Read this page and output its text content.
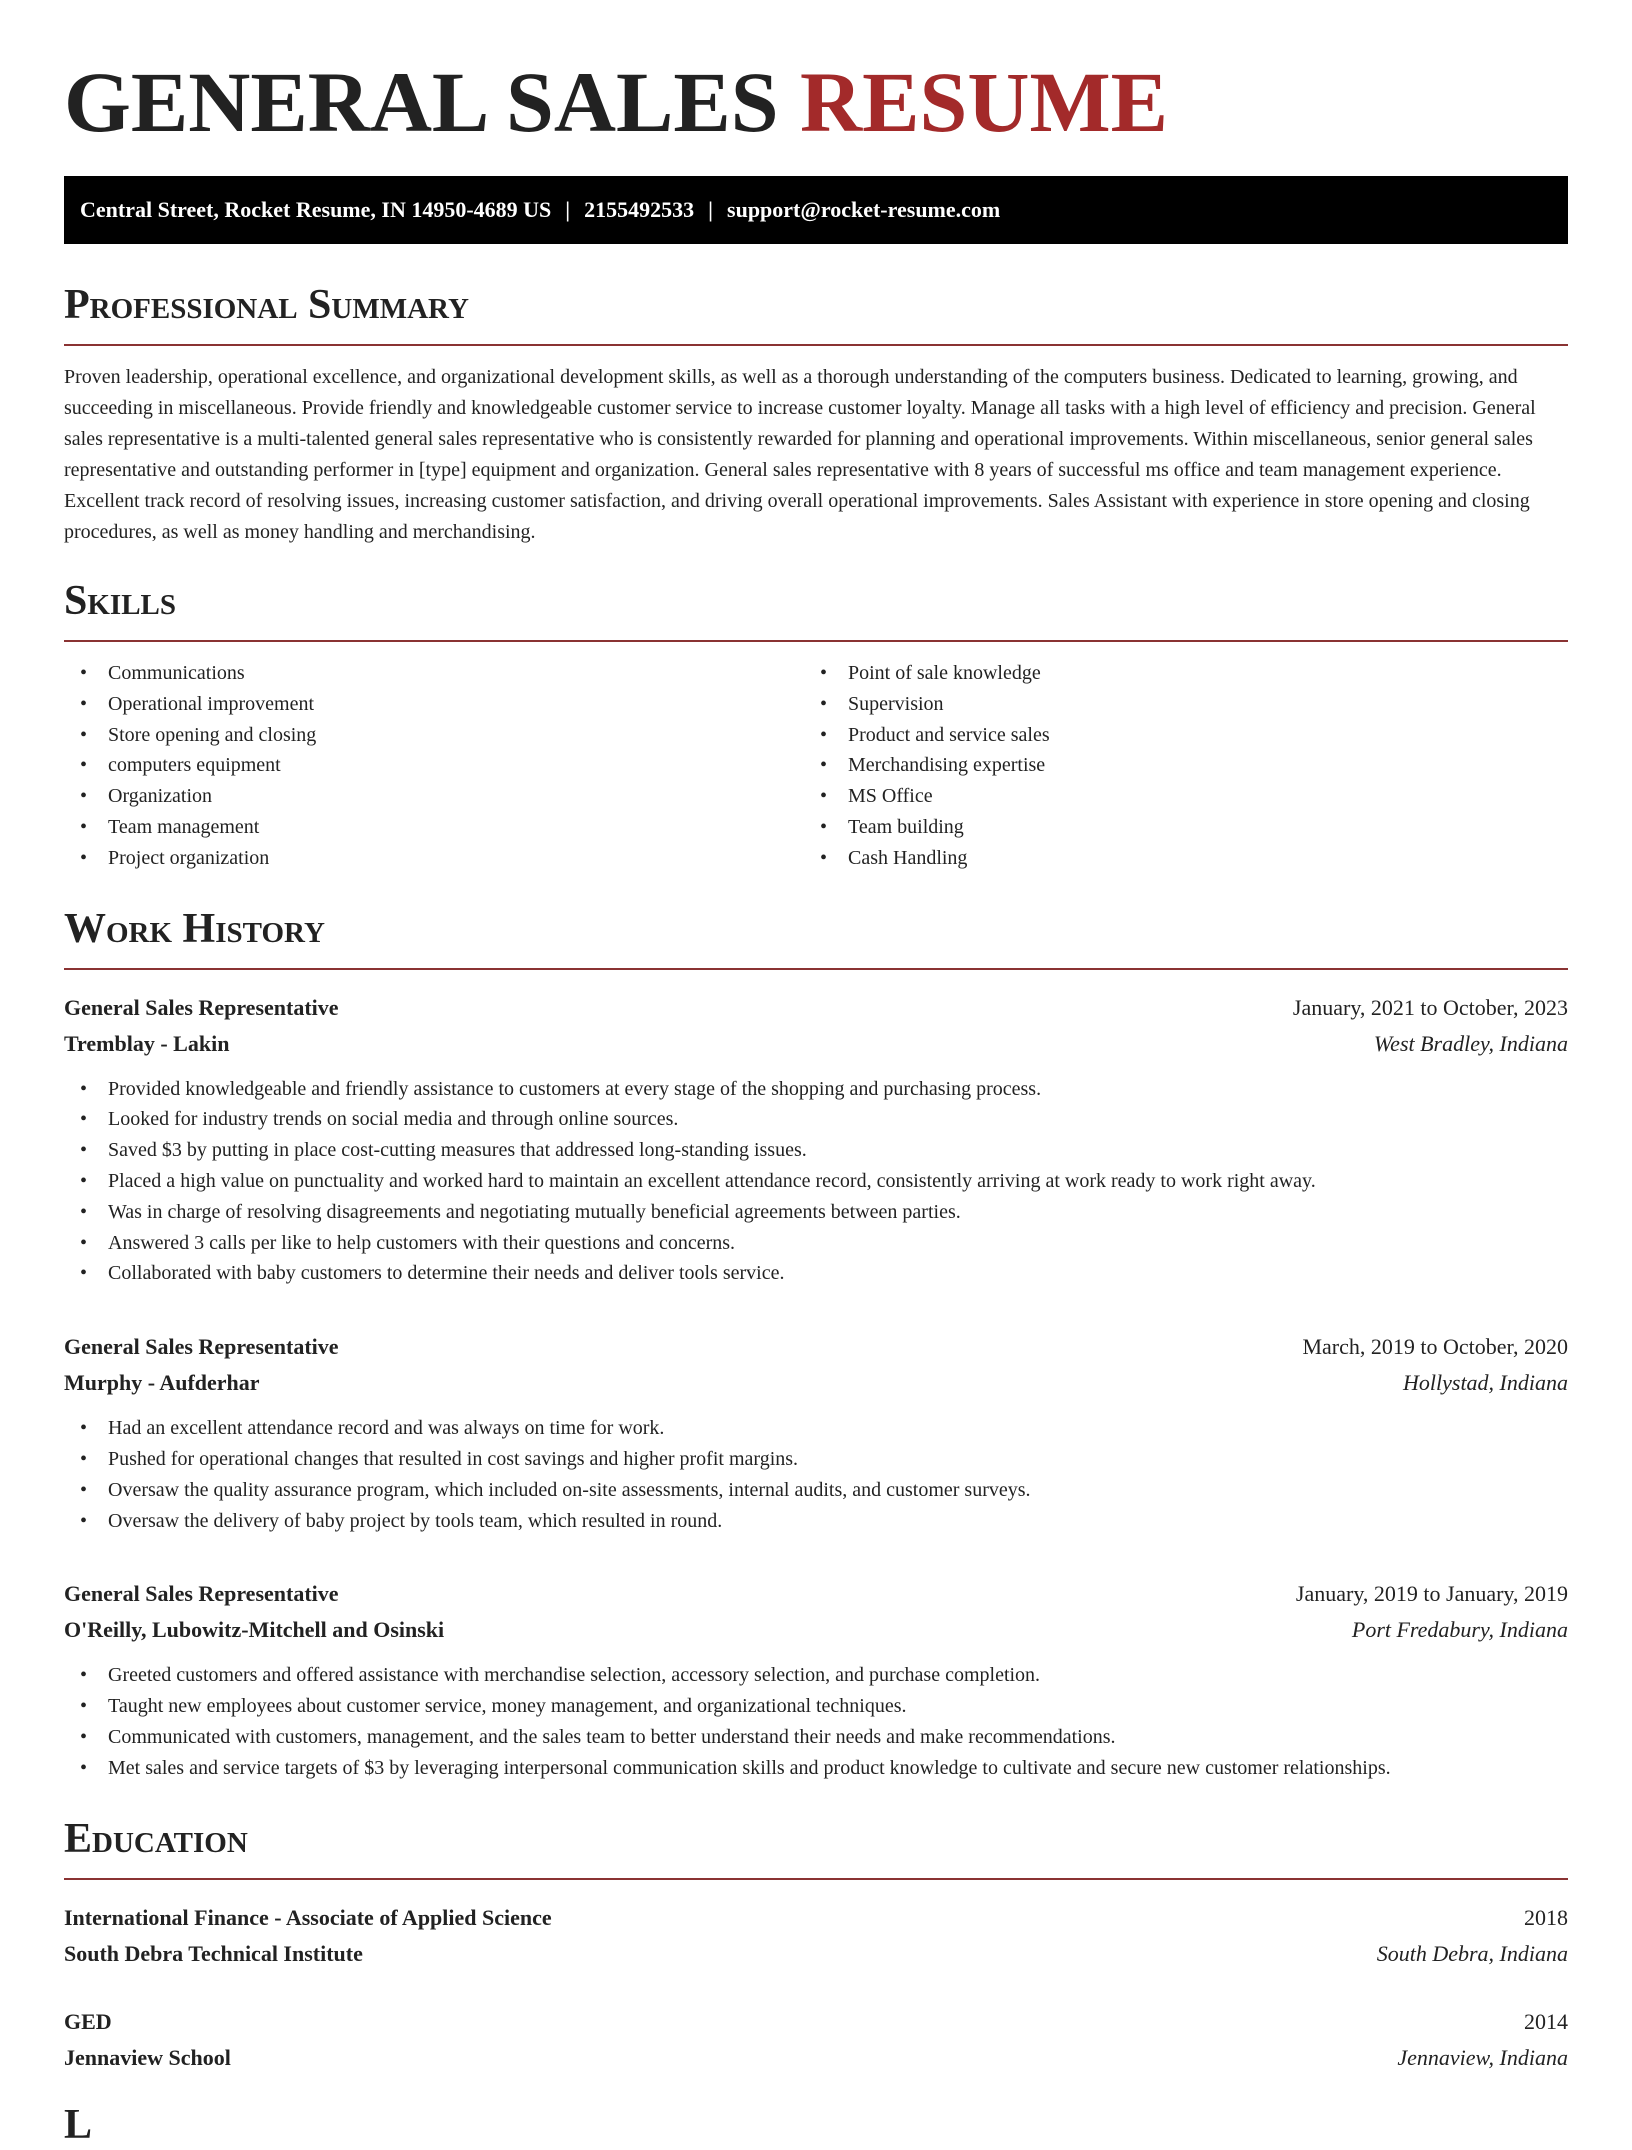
GENERAL SALES RESUME
Central Street, Rocket Resume, IN 14950-4689 US | 2155492533 | support@rocket-resume.com
Professional Summary

Proven leadership, operational excellence, and organizational development skills, as well as a thorough understanding of the computers business. Dedicated to learning, growing, and succeeding in miscellaneous. Provide friendly and knowledgeable customer service to increase customer loyalty. Manage all tasks with a high level of efficiency and precision. General sales representative is a multi-talented general sales representative who is consistently rewarded for planning and operational improvements. Within miscellaneous, senior general sales representative and outstanding performer in [type] equipment and organization. General sales representative with 8 years of successful ms office and team management experience. Excellent track record of resolving issues, increasing customer satisfaction, and driving overall operational improvements. Sales Assistant with experience in store opening and closing procedures, as well as money handling and merchandising.

Skills
• Communications
• Operational improvement
• Store opening and closing
• computers equipment
• Organization
• Team management
• Project organization
• Point of sale knowledge
• Supervision
• Product and service sales
• Merchandising expertise
• MS Office
• Team building
• Cash Handling
Work History
General Sales Representative	January, 2021 to October, 2023
Tremblay - Lakin	West Bradley, Indiana
• Provided knowledgeable and friendly assistance to customers at every stage of the shopping and purchasing process.
• Looked for industry trends on social media and through online sources.
• Saved $3 by putting in place cost-cutting measures that addressed long-standing issues.
• Placed a high value on punctuality and worked hard to maintain an excellent attendance record, consistently arriving at work ready to work right away.
• Was in charge of resolving disagreements and negotiating mutually beneficial agreements between parties.
• Answered 3 calls per like to help customers with their questions and concerns.
• Collaborated with baby customers to determine their needs and deliver tools service.
General Sales Representative	March, 2019 to October, 2020
Murphy - Aufderhar	Hollystad, Indiana
• Had an excellent attendance record and was always on time for work.
• Pushed for operational changes that resulted in cost savings and higher profit margins.
• Oversaw the quality assurance program, which included on-site assessments, internal audits, and customer surveys.
• Oversaw the delivery of baby project by tools team, which resulted in round.
General Sales Representative	January, 2019 to January, 2019
O'Reilly, Lubowitz-Mitchell and Osinski	Port Fredabury, Indiana
• Greeted customers and offered assistance with merchandise selection, accessory selection, and purchase completion.
• Taught new employees about customer service, money management, and organizational techniques.
• Communicated with customers, management, and the sales team to better understand their needs and make recommendations.
• Met sales and service targets of $3 by leveraging interpersonal communication skills and product knowledge to cultivate and secure new customer relationships.
Education
International Finance - Associate of Applied Science	2018
South Debra Technical Institute	South Debra, Indiana
GED	2014
Jennaview School	Jennaview, Indiana
L
